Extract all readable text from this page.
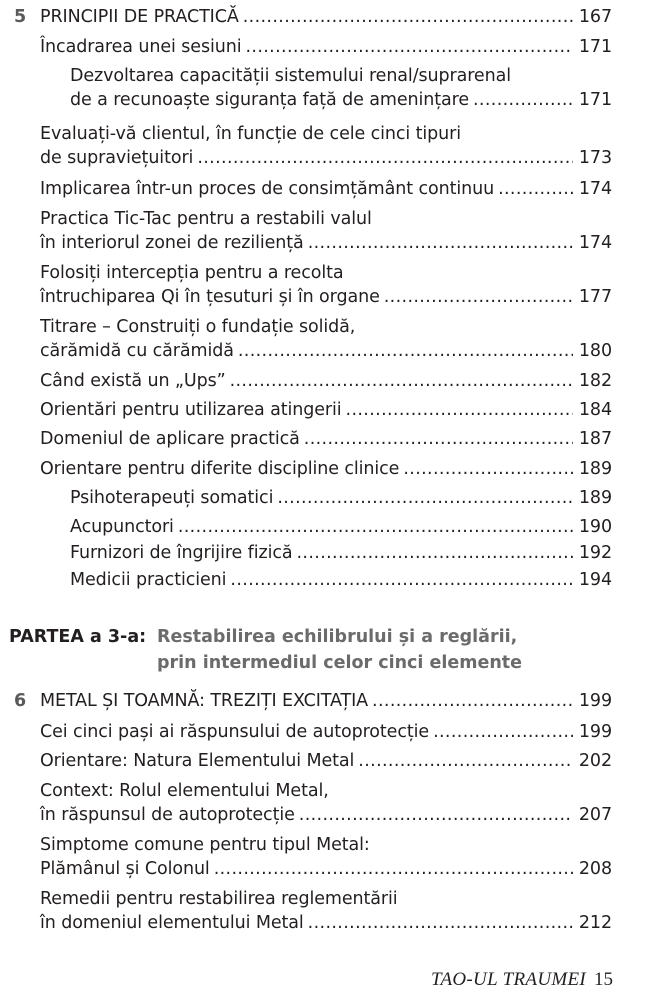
5 PRINCIPII DE PRACTICĂ . . .	167
Încadrarea unei sesiuni . . .	171
Dezvoltarea capacității sistemului renal/suprarenal
de a recunoaște siguranța față de amenințare . . .	171
Evaluați-vă clientul, în funcție de cele cinci tipuri
de supraviețuitori . . .	173
Implicarea într-un proces de consimțământ continuu . . .	174
Practica Tic-Tac pentru a restabili valul
în interiorul zonei de reziliență . . .	174
Folosiți intercepția pentru a recolta
întruchiparea Qi în țesuturi și în organe . . .	177
Titrare – Construiți o fundație solidă,
cărămidă cu cărămidă . . .	180
Când există un „Ups” . . .	182
Orientări pentru utilizarea atingerii . . .	184
Domeniul de aplicare practică . . .	187
Orientare pentru diferite discipline clinice . . .	189
Psihoterapeuți somatici . . .	189
Acupunctori . . .	190
Furnizori de îngrijire fizică . . .	192
Medicii practicieni . . .	194
PARTEA a 3-a: Restabilirea echilibrului și a reglării,
prin intermediul celor cinci elemente
6 METAL ȘI TOAMNĂ: TREZIȚI EXCITAȚIA . . .	199
Cei cinci pași ai răspunsului de autoprotecție . . .	199
Orientare: Natura Elementului Metal . . .	202
Context: Rolul elementului Metal,
în răspunsul de autoprotecție . . .	207
Simptome comune pentru tipul Metal:
Plămânul și Colonul . . .	208
Remedii pentru restabilirea reglementării
în domeniul elementului Metal . . .	212
TAO-UL TRAUMEI 15
